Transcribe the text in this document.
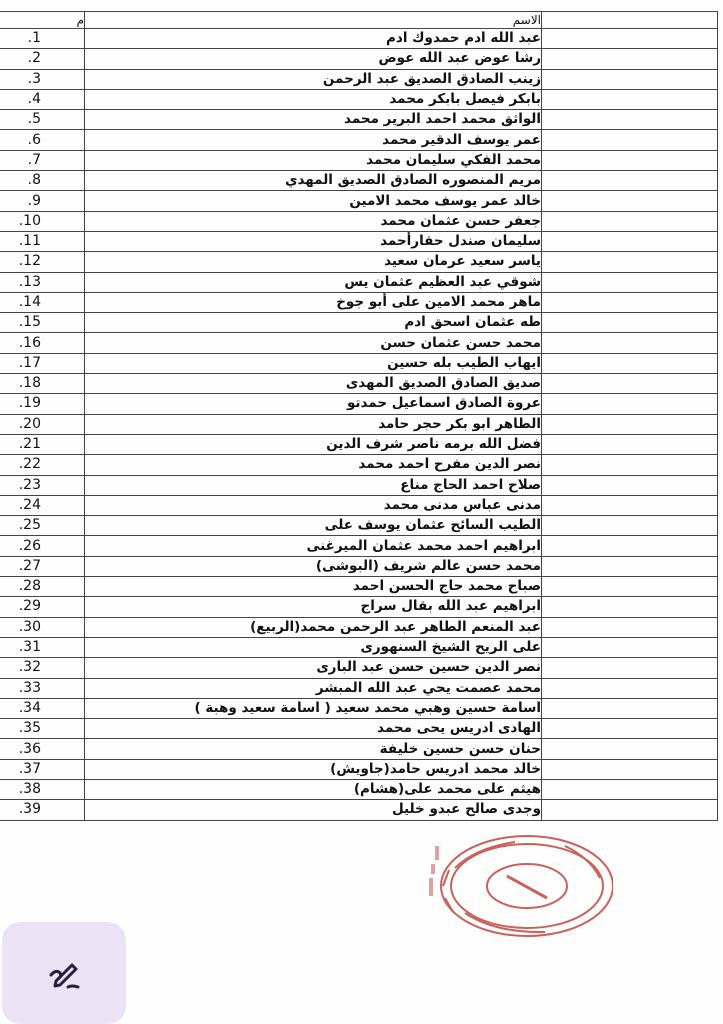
	الاسم	م
	عبد الله ادم حمدوك ادم	1.
	رشا عوض عبد الله عوض	2.
	زينب الصادق الصديق عبد الرحمن	3.
	بابكر فيصل بابكر محمد	4.
	الواثق محمد احمد البرير محمد	5.
	عمر يوسف الدقير محمد	6.
	محمد الفكي سليمان محمد	7.
	مريم المنصوره الصادق الصديق المهدي	8.
	خالد عمر يوسف محمد الامين	9.
	جعفر حسن عثمان محمد	10.
	سليمان صندل حقارأحمد	11.
	ياسر سعيد عرمان سعيد	12.
	شوقي عبد العظيم عثمان يس	13.
	ماهر محمد الامين على أبو جوخ	14.
	طه عثمان اسحق ادم	15.
	محمد حسن عثمان حسن	16.
	ايهاب الطيب بله حسين	17.
	صديق الصادق الصديق المهدى	18.
	عروة الصادق اسماعيل حمدتو	19.
	الطاهر ابو بكر حجر حامد	20.
	فضل الله برمه ناصر شرف الدين	21.
	نصر الدين مفرح احمد محمد	22.
	صلاح احمد الحاج مناع	23.
	مدنى عباس مدنى محمد	24.
	الطيب السائح عثمان يوسف على	25.
	ابراهيم احمد محمد عثمان الميرغنى	26.
	محمد حسن عالم شريف (البوشى)	27.
	صباح محمد حاج الحسن احمد	28.
	ابراهيم عبد الله بقال سراج	29.
	عبد المنعم الطاهر عبد الرحمن محمد(الربيع)	30.
	على الريح الشيخ السنهورى	31.
	نصر الدين حسين حسن عبد البارى	32.
	محمد عصمت يحي عبد الله المبشر	33.
	اسامة حسين وهبي محمد سعيد ( اسامة سعيد وهبة )	34.
	الهادى ادريس يحى محمد	35.
	حنان حسن حسين خليفة	36.
	خالد محمد ادريس حامد(جاويش)	37.
	هيثم على محمد على(هشام)	38.
	وجدى صالح عبدو خليل	39.
